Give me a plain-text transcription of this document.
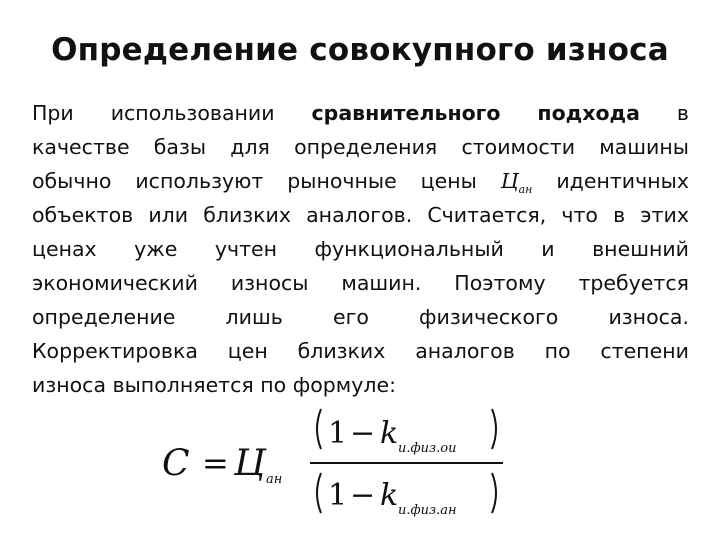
Определение совокупного износа
При использовании сравнительного подхода в
качестве базы для определения стоимости машины
обычно используют рыночные цены $Ц_{ан}$ идентичных
объектов или близких аналогов. Считается, что в этих
ценах уже учтен функциональный и внешний
экономический износы машин. Поэтому требуется
определение лишь его физического износа.
Корректировка цен близких аналогов по степени
износа выполняется по формуле:
С = Ц ан
1 − k и.физ.ои
1 − k и.физ.ан
